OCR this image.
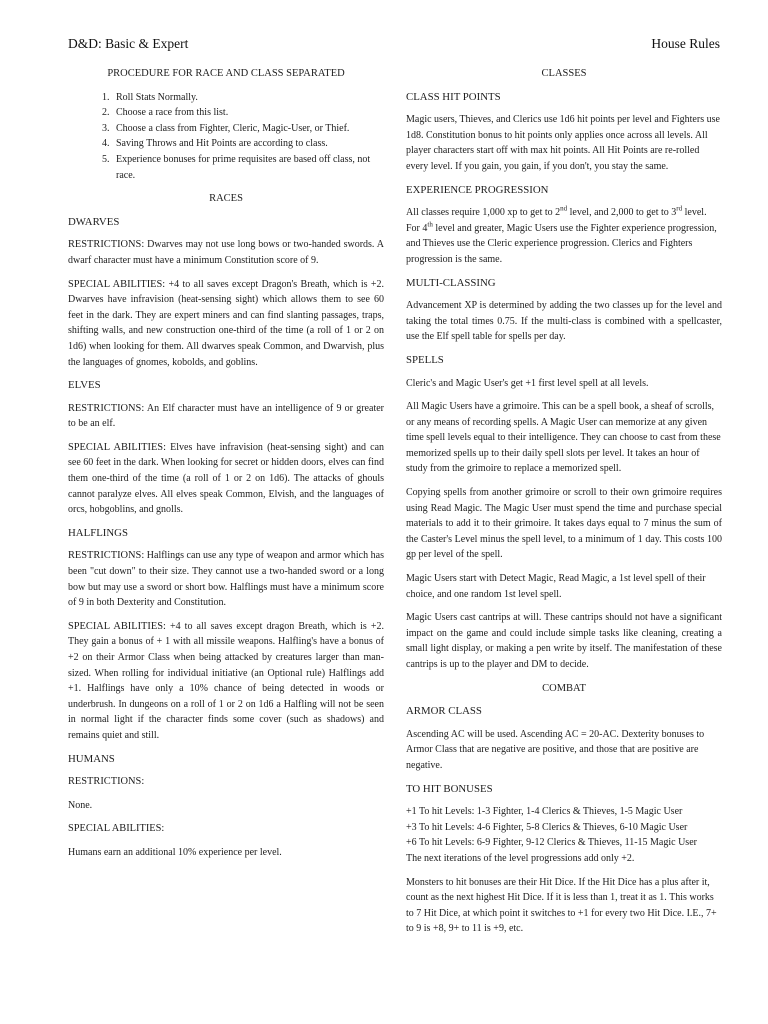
D&D: Basic & Expert	House Rules
PROCEDURE FOR RACE AND CLASS SEPARATED
1. Roll Stats Normally.
2. Choose a race from this list.
3. Choose a class from Fighter, Cleric, Magic-User, or Thief.
4. Saving Throws and Hit Points are according to class.
5. Experience bonuses for prime requisites are based off class, not race.
RACES
DWARVES

RESTRICTIONS: Dwarves may not use long bows or two-handed swords. A dwarf character must have a minimum Constitution score of 9.

SPECIAL ABILITIES: +4 to all saves except Dragon's Breath, which is +2. Dwarves have infravision (heat-sensing sight) which allows them to see 60 feet in the dark. They are expert miners and can find slanting passages, traps, shifting walls, and new construction one-third of the time (a roll of 1 or 2 on 1d6) when looking for them. All dwarves speak Common, and Dwarvish, plus the languages of gnomes, kobolds, and goblins.

ELVES

RESTRICTIONS: An Elf character must have an intelligence of 9 or greater to be an elf.

SPECIAL ABILITIES: Elves have infravision (heat-sensing sight) and can see 60 feet in the dark. When looking for secret or hidden doors, elves can find them one-third of the time (a roll of 1 or 2 on 1d6). The attacks of ghouls cannot paralyze elves. All elves speak Common, Elvish, and the languages of orcs, hobgoblins, and gnolls.

HALFLINGS

RESTRICTIONS: Halflings can use any type of weapon and armor which has been "cut down" to their size. They cannot use a two-handed sword or a long bow but may use a sword or short bow. Halflings must have a minimum score of 9 in both Dexterity and Constitution.

SPECIAL ABILITIES: +4 to all saves except dragon Breath, which is +2. They gain a bonus of + 1 with all missile weapons. Halfling's have a bonus of +2 on their Armor Class when being attacked by creatures larger than man-sized. When rolling for individual initiative (an Optional rule) Halflings add +1. Halflings have only a 10% chance of being detected in woods or underbrush. In dungeons on a roll of 1 or 2 on 1d6 a Halfling will not be seen in normal light if the character finds some cover (such as shadows) and remains quiet and still.

HUMANS

RESTRICTIONS:

None.

SPECIAL ABILITIES:

Humans earn an additional 10% experience per level.

CLASSES
CLASS HIT POINTS

Magic users, Thieves, and Clerics use 1d6 hit points per level and Fighters use 1d8. Constitution bonus to hit points only applies once across all levels. All player characters start off with max hit points. All Hit Points are re-rolled every level. If you gain, you gain, if you don't, you stay the same.

EXPERIENCE PROGRESSION

All classes require 1,000 xp to get to 2nd level, and 2,000 to get to 3rd level. For 4th level and greater, Magic Users use the Fighter experience progression, and Thieves use the Cleric experience progression. Clerics and Fighters progression is the same.

MULTI-CLASSING

Advancement XP is determined by adding the two classes up for the level and taking the total times 0.75. If the multi-class is combined with a spellcaster, use the Elf spell table for spells per day.

SPELLS

Cleric's and Magic User's get +1 first level spell at all levels.

All Magic Users have a grimoire. This can be a spell book, a sheaf of scrolls, or any means of recording spells. A Magic User can memorize at any given time spell levels equal to their intelligence. They can choose to cast from these memorized spells up to their daily spell slots per level. It takes an hour of study from the grimoire to replace a memorized spell.

Copying spells from another grimoire or scroll to their own grimoire requires using Read Magic. The Magic User must spend the time and purchase special materials to add it to their grimoire. It takes days equal to 7 minus the sum of the Caster's Level minus the spell level, to a minimum of 1 day. This costs 100 gp per level of the spell.

Magic Users start with Detect Magic, Read Magic, a 1st level spell of their choice, and one random 1st level spell.

Magic Users cast cantrips at will. These cantrips should not have a significant impact on the game and could include simple tasks like cleaning, creating a small light display, or making a pen write by itself. The manifestation of these cantrips is up to the player and DM to decide.

COMBAT
ARMOR CLASS

Ascending AC will be used. Ascending AC = 20-AC. Dexterity bonuses to Armor Class that are negative are positive, and those that are positive are negative.

TO HIT BONUSES

+1 To hit Levels: 1-3 Fighter, 1-4 Clerics & Thieves, 1-5 Magic User
+3 To hit Levels: 4-6 Fighter, 5-8 Clerics & Thieves, 6-10 Magic User
+6 To hit Levels: 6-9 Fighter, 9-12 Clerics & Thieves, 11-15 Magic User
The next iterations of the level progressions add only +2.

Monsters to hit bonuses are their Hit Dice. If the Hit Dice has a plus after it, count as the next highest Hit Dice. If it is less than 1, treat it as 1. This works to 7 Hit Dice, at which point it switches to +1 for every two Hit Dice. I.E., 7+ to 9 is +8, 9+ to 11 is +9, etc.
